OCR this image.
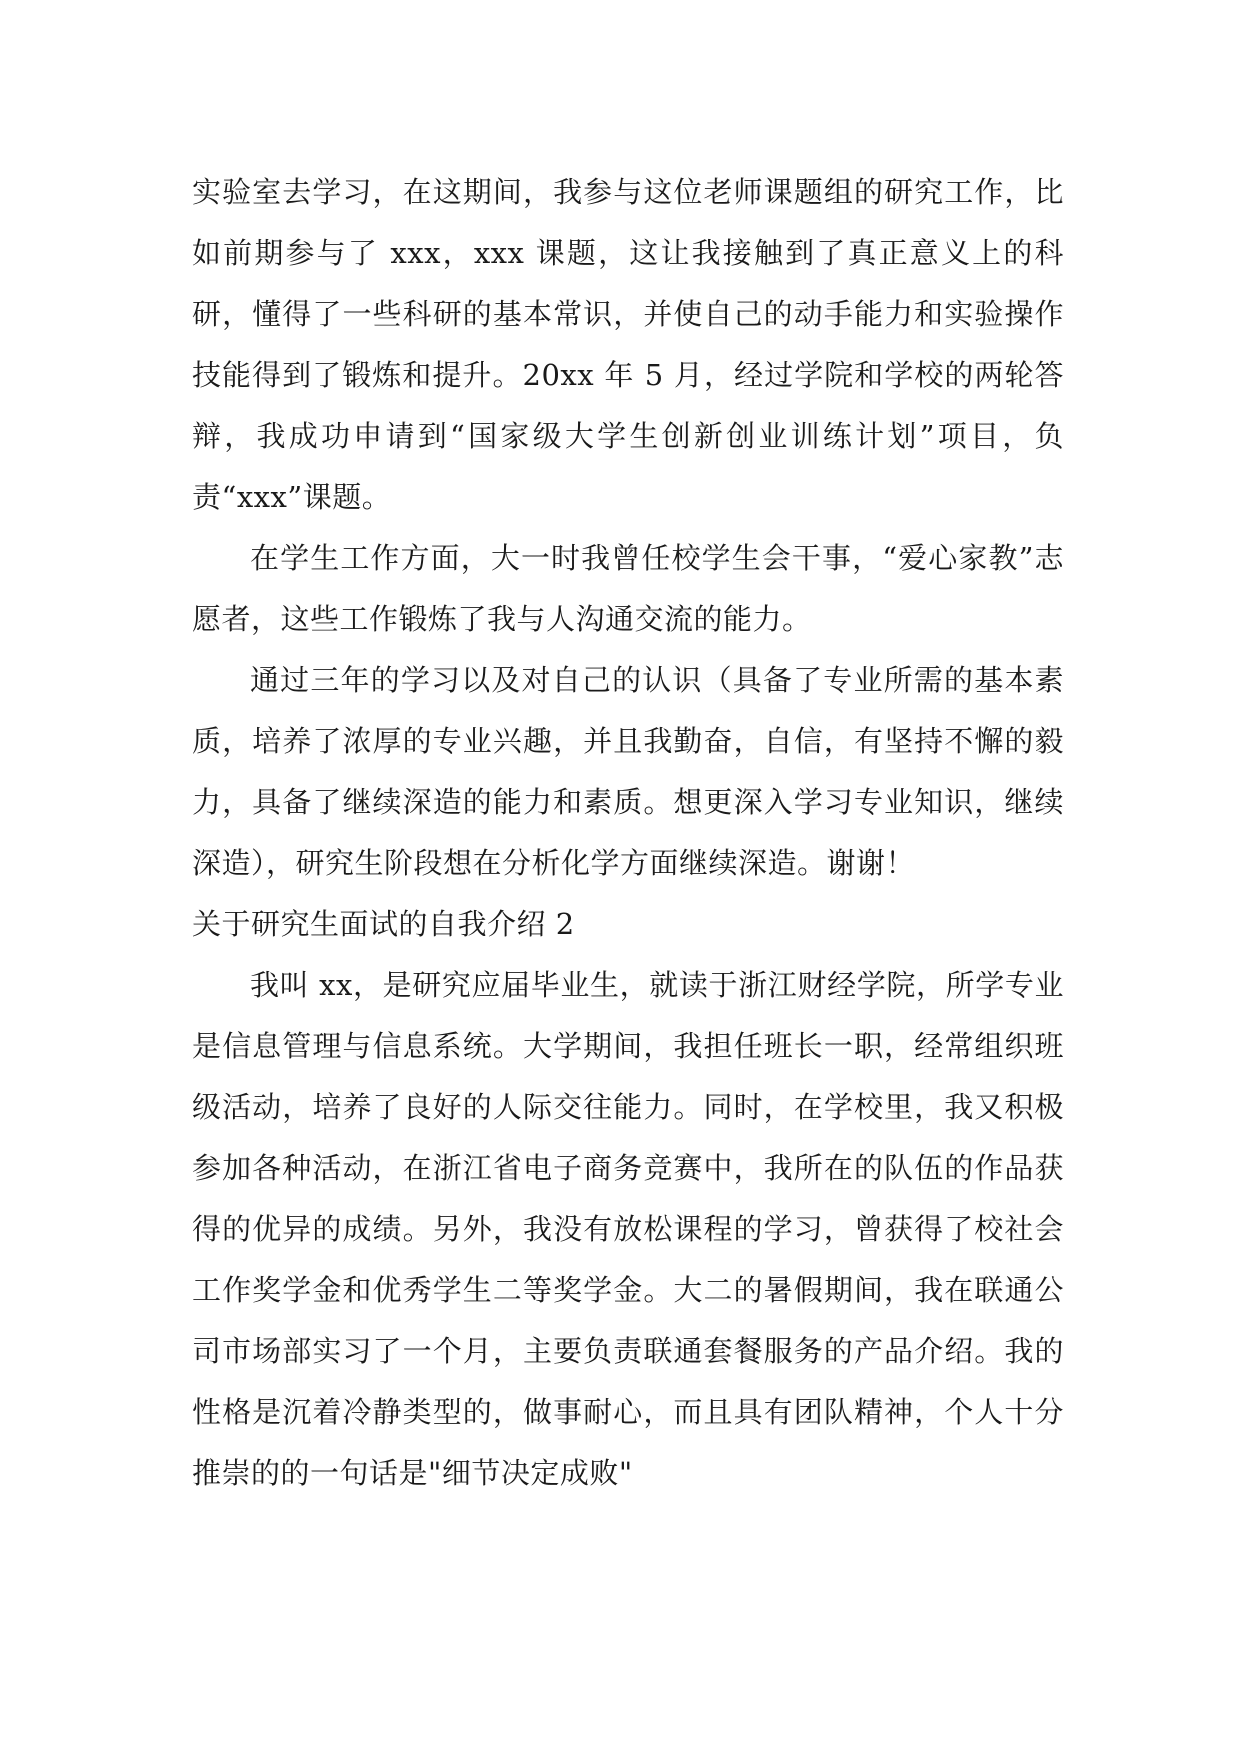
实验室去学习，在这期间，我参与这位老师课题组的研究工作，比如前期参与了 xxx，xxx 课题，这让我接触到了真正意义上的科研，懂得了一些科研的基本常识，并使自己的动手能力和实验操作技能得到了锻炼和提升。20xx 年 5 月，经过学院和学校的两轮答辩，我成功申请到“国家级大学生创新创业训练计划”项目，负责“xxx”课题。

在学生工作方面，大一时我曾任校学生会干事，“爱心家教”志愿者，这些工作锻炼了我与人沟通交流的能力。

通过三年的学习以及对自己的认识（具备了专业所需的基本素质，培养了浓厚的专业兴趣，并且我勤奋，自信，有坚持不懈的毅力，具备了继续深造的能力和素质。想更深入学习专业知识，继续深造），研究生阶段想在分析化学方面继续深造。谢谢！

关于研究生面试的自我介绍 2

我叫 xx，是研究应届毕业生，就读于浙江财经学院，所学专业是信息管理与信息系统。大学期间，我担任班长一职，经常组织班级活动，培养了良好的人际交往能力。同时，在学校里，我又积极参加各种活动，在浙江省电子商务竞赛中，我所在的队伍的作品获得的优异的成绩。另外，我没有放松课程的学习，曾获得了校社会工作奖学金和优秀学生二等奖学金。大二的暑假期间，我在联通公司市场部实习了一个月，主要负责联通套餐服务的产品介绍。我的性格是沉着冷静类型的，做事耐心，而且具有团队精神，个人十分推崇的的一句话是"细节决定成败"
